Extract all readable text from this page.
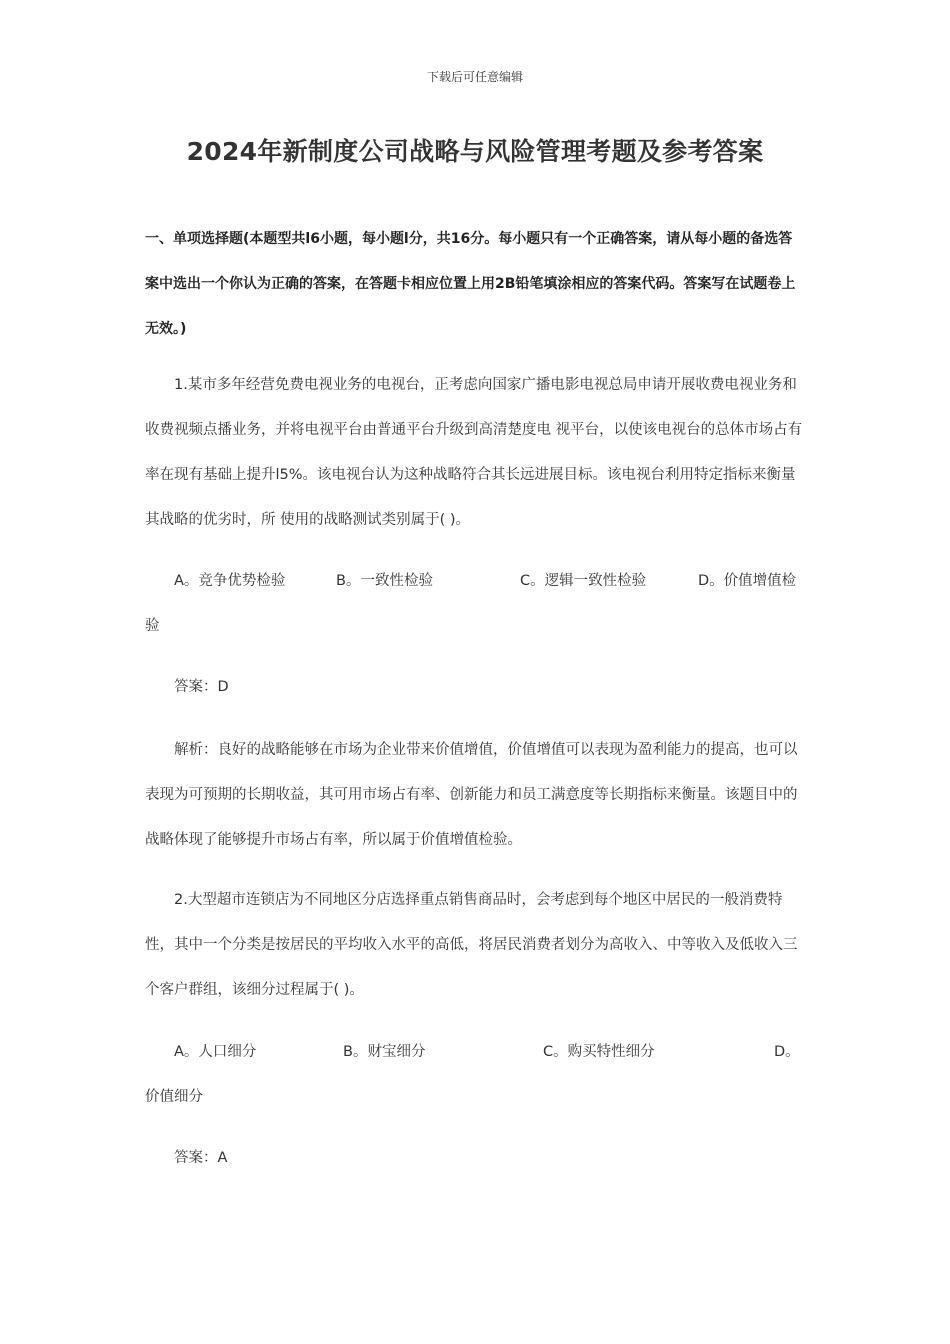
下载后可任意编辑
2024年新制度公司战略与风险管理考题及参考答案
一、单项选择题(本题型共l6小题，每小题l分，共16分。每小题只有一个正确答案，请从每小题的备选答案中选出一个你认为正确的答案，在答题卡相应位置上用2B铅笔填涂相应的答案代码。答案写在试题卷上无效。)

1.某市多年经营免费电视业务的电视台，正考虑向国家广播电影电视总局申请开展收费电视业务和收费视频点播业务，并将电视平台由普通平台升级到高清楚度电 视平台，以使该电视台的总体市场占有率在现有基础上提升l5%。该电视台认为这种战略符合其长远进展目标。该电视台利用特定指标来衡量其战略的优劣时，所 使用的战略测试类别属于( )。

A。竞争优势检验	B。一致性检验	C。逻辑一致性检验	D。价值增值检
验

答案：D

解析：良好的战略能够在市场为企业带来价值增值，价值增值可以表现为盈利能力的提高，也可以表现为可预期的长期收益，其可用市场占有率、创新能力和员工满意度等长期指标来衡量。该题目中的战略体现了能够提升市场占有率，所以属于价值增值检验。

2.大型超市连锁店为不同地区分店选择重点销售商品时，会考虑到每个地区中居民的一般消费特性，其中一个分类是按居民的平均收入水平的高低，将居民消费者划分为高收入、中等收入及低收入三个客户群组，该细分过程属于( )。

A。人口细分	B。财宝细分	C。购买特性细分	D。
价值细分

答案：A
